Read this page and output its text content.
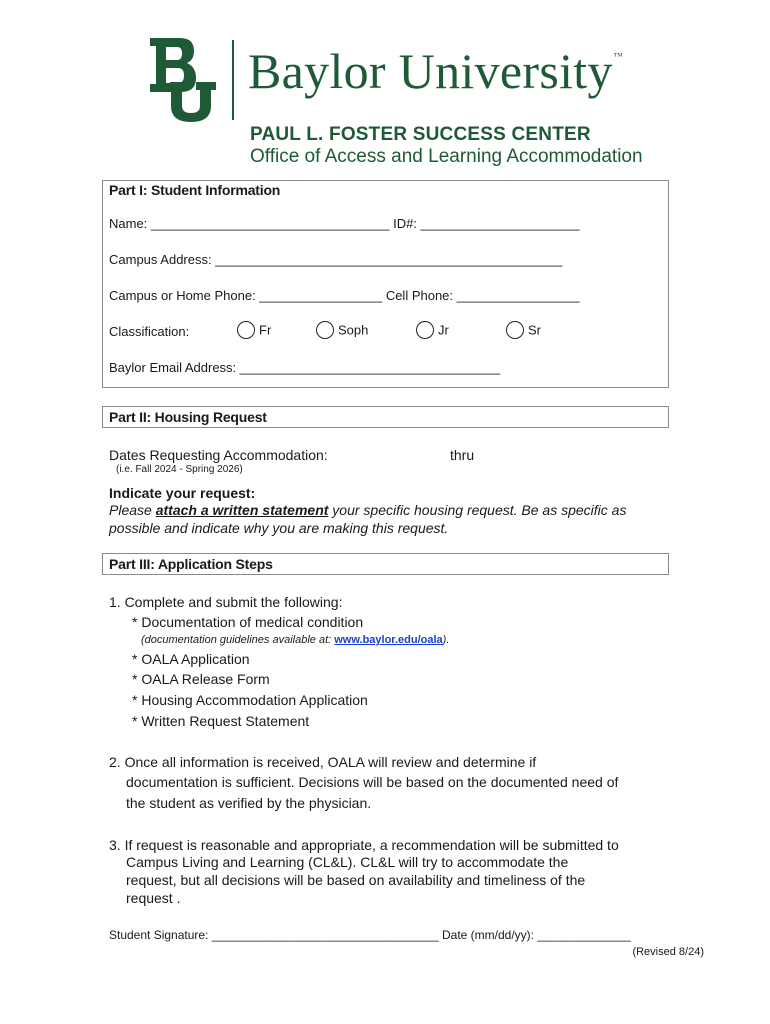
Baylor University™
PAUL L. FOSTER SUCCESS CENTER
Office of Access and Learning Accommodation
Part I: Student Information
Name: _________________________________ ID#: ______________________
Campus Address: ________________________________________________
Campus or Home Phone: _________________ Cell Phone: _________________
Classification:	Fr	Soph	Jr	Sr
Baylor Email Address: ____________________________________
Part II: Housing Request
Dates Requesting Accommodation:	thru
(i.e. Fall 2024 - Spring 2026)
Indicate your request:
Please attach a written statement your specific housing request. Be as specific as
possible and indicate why you are making this request.
Part III: Application Steps
1. Complete and submit the following:
* Documentation of medical condition
(documentation guidelines available at: www.baylor.edu/oala).
* OALA Application
* OALA Release Form
* Housing Accommodation Application
* Written Request Statement
2. Once all information is received, OALA will review and determine if
documentation is sufficient. Decisions will be based on the documented need of
the student as verified by the physician.
3. If request is reasonable and appropriate, a recommendation will be submitted to
Campus Living and Learning (CL&L). CL&L will try to accommodate the
request, but all decisions will be based on availability and timeliness of the
request .
Student Signature: __________________________________ Date (mm/dd/yy): ______________
(Revised 8/24)
